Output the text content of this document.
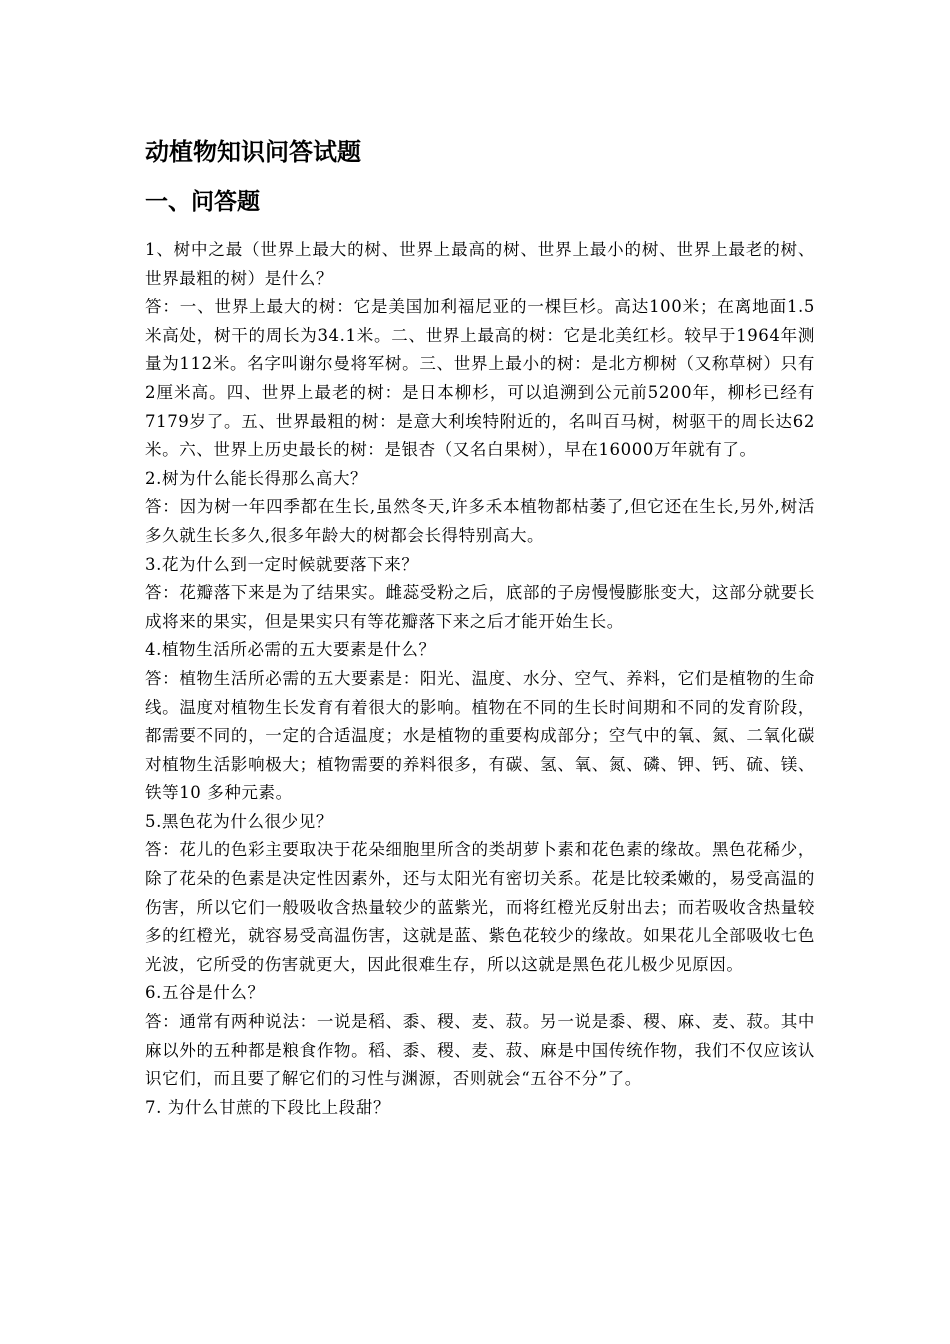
动植物知识问答试题
一、问答题

1、树中之最（世界上最大的树、世界上最高的树、世界上最小的树、世界上最老的树、世界最粗的树）是什么？

答：一、世界上最大的树：它是美国加利福尼亚的一棵巨杉。高达100米；在离地面1.5米高处，树干的周长为34.1米。二、世界上最高的树：它是北美红杉。较早于1964年测量为112米。名字叫谢尔曼将军树。三、世界上最小的树：是北方柳树（又称草树）只有2厘米高。四、世界上最老的树：是日本柳杉，可以追溯到公元前5200年，柳杉已经有7179岁了。五、世界最粗的树：是意大利埃特附近的，名叫百马树，树驱干的周长达62米。六、世界上历史最长的树：是银杏（又名白果树），早在16000万年就有了。

2.树为什么能长得那么高大？

答：因为树一年四季都在生长,虽然冬天,许多禾本植物都枯萎了,但它还在生长,另外,树活多久就生长多久,很多年龄大的树都会长得特别高大。

3.花为什么到一定时候就要落下来？

答：花瓣落下来是为了结果实。雌蕊受粉之后，底部的子房慢慢膨胀变大，这部分就要长成将来的果实，但是果实只有等花瓣落下来之后才能开始生长。

4.植物生活所必需的五大要素是什么？

答：植物生活所必需的五大要素是：阳光、温度、水分、空气、养料，它们是植物的生命线。温度对植物生长发育有着很大的影响。植物在不同的生长时间期和不同的发育阶段，都需要不同的，一定的合适温度；水是植物的重要构成部分；空气中的氧、氮、二氧化碳对植物生活影响极大；植物需要的养料很多，有碳、氢、氧、氮、磷、钾、钙、硫、镁、铁等10 多种元素。

5.黑色花为什么很少见？

答：花儿的色彩主要取决于花朵细胞里所含的类胡萝卜素和花色素的缘故。黑色花稀少，除了花朵的色素是决定性因素外，还与太阳光有密切关系。花是比较柔嫩的，易受高温的伤害，所以它们一般吸收含热量较少的蓝紫光，而将红橙光反射出去；而若吸收含热量较多的红橙光，就容易受高温伤害，这就是蓝、紫色花较少的缘故。如果花儿全部吸收七色光波，它所受的伤害就更大，因此很难生存，所以这就是黑色花儿极少见原因。

6.五谷是什么？

答：通常有两种说法：一说是稻、黍、稷、麦、菽。另一说是黍、稷、麻、麦、菽。其中麻以外的五种都是粮食作物。稻、黍、稷、麦、菽、麻是中国传统作物，我们不仅应该认识它们，而且要了解它们的习性与渊源，否则就会“五谷不分”了。

7. 为什么甘蔗的下段比上段甜？
